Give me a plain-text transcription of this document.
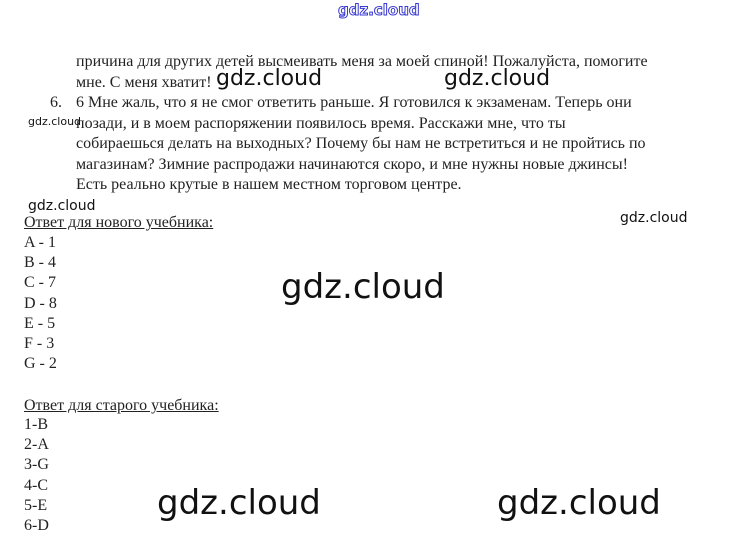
причина для других детей высмеивать меня за моей спиной! Пожалуйста, помогите
мне. С меня хватит!
6. 6 Мне жаль, что я не смог ответить раньше. Я готовился к экзаменам. Теперь они
позади, и в моем распоряжении появилось время. Расскажи мне, что ты
собираешься делать на выходных? Почему бы нам не встретиться и не пройтись по
магазинам? Зимние распродажи начинаются скоро, и мне нужны новые джинсы!
Есть реально крутые в нашем местном торговом центре.
Ответ для нового учебника:
A - 1
B - 4
C - 7
D - 8
E - 5
F - 3
G - 2
Ответ для старого учебника:
1-B
2-A
3-G
4-C
5-E
6-D
gdz.cloud
gdz.cloud	gdz.cloud
gdz.cloud
gdz.cloud
gdz.cloud
gdz.cloud
gdz.cloud	gdz.cloud
